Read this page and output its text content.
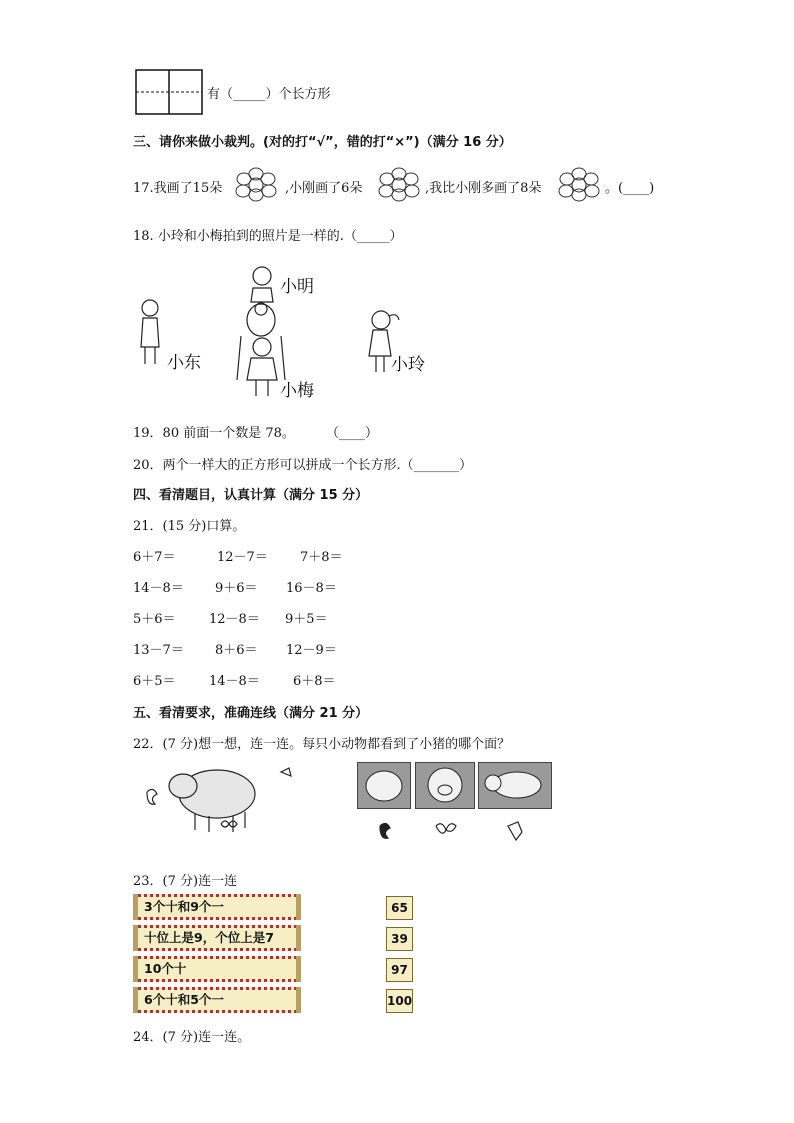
有（_____）个长方形
三、请你来做小裁判。(对的打“√”，错的打“×”)（满分 16 分）
17.我画了15朵	,小刚画了6朵	,我比小刚多画了8朵	。(____)
18. 小玲和小梅拍到的照片是一样的.（_____）
小明
小东
小梅
小玲
19．80 前面一个数是 78。 （____）
20．两个一样大的正方形可以拼成一个长方形.（_______）
四、看清题目，认真计算（满分 15 分）
21．(15 分)口算。
6＋7＝	12－7＝ 7＋8＝
14－8＝ 9＋6＝ 16－8＝
5＋6＝	12－8＝ 9＋5＝
13－7＝ 8＋6＝ 12－9＝
6＋5＝	14－8＝	6＋8＝
五、看清要求，准确连线（满分 21 分）
22．(7 分)想一想，连一连。每只小动物都看到了小猪的哪个面？
23．(7 分)连一连
3个十和9个一
十位上是9，个位上是7
10个十
6个十和5个一
65
39
97
100
24．(7 分)连一连。
